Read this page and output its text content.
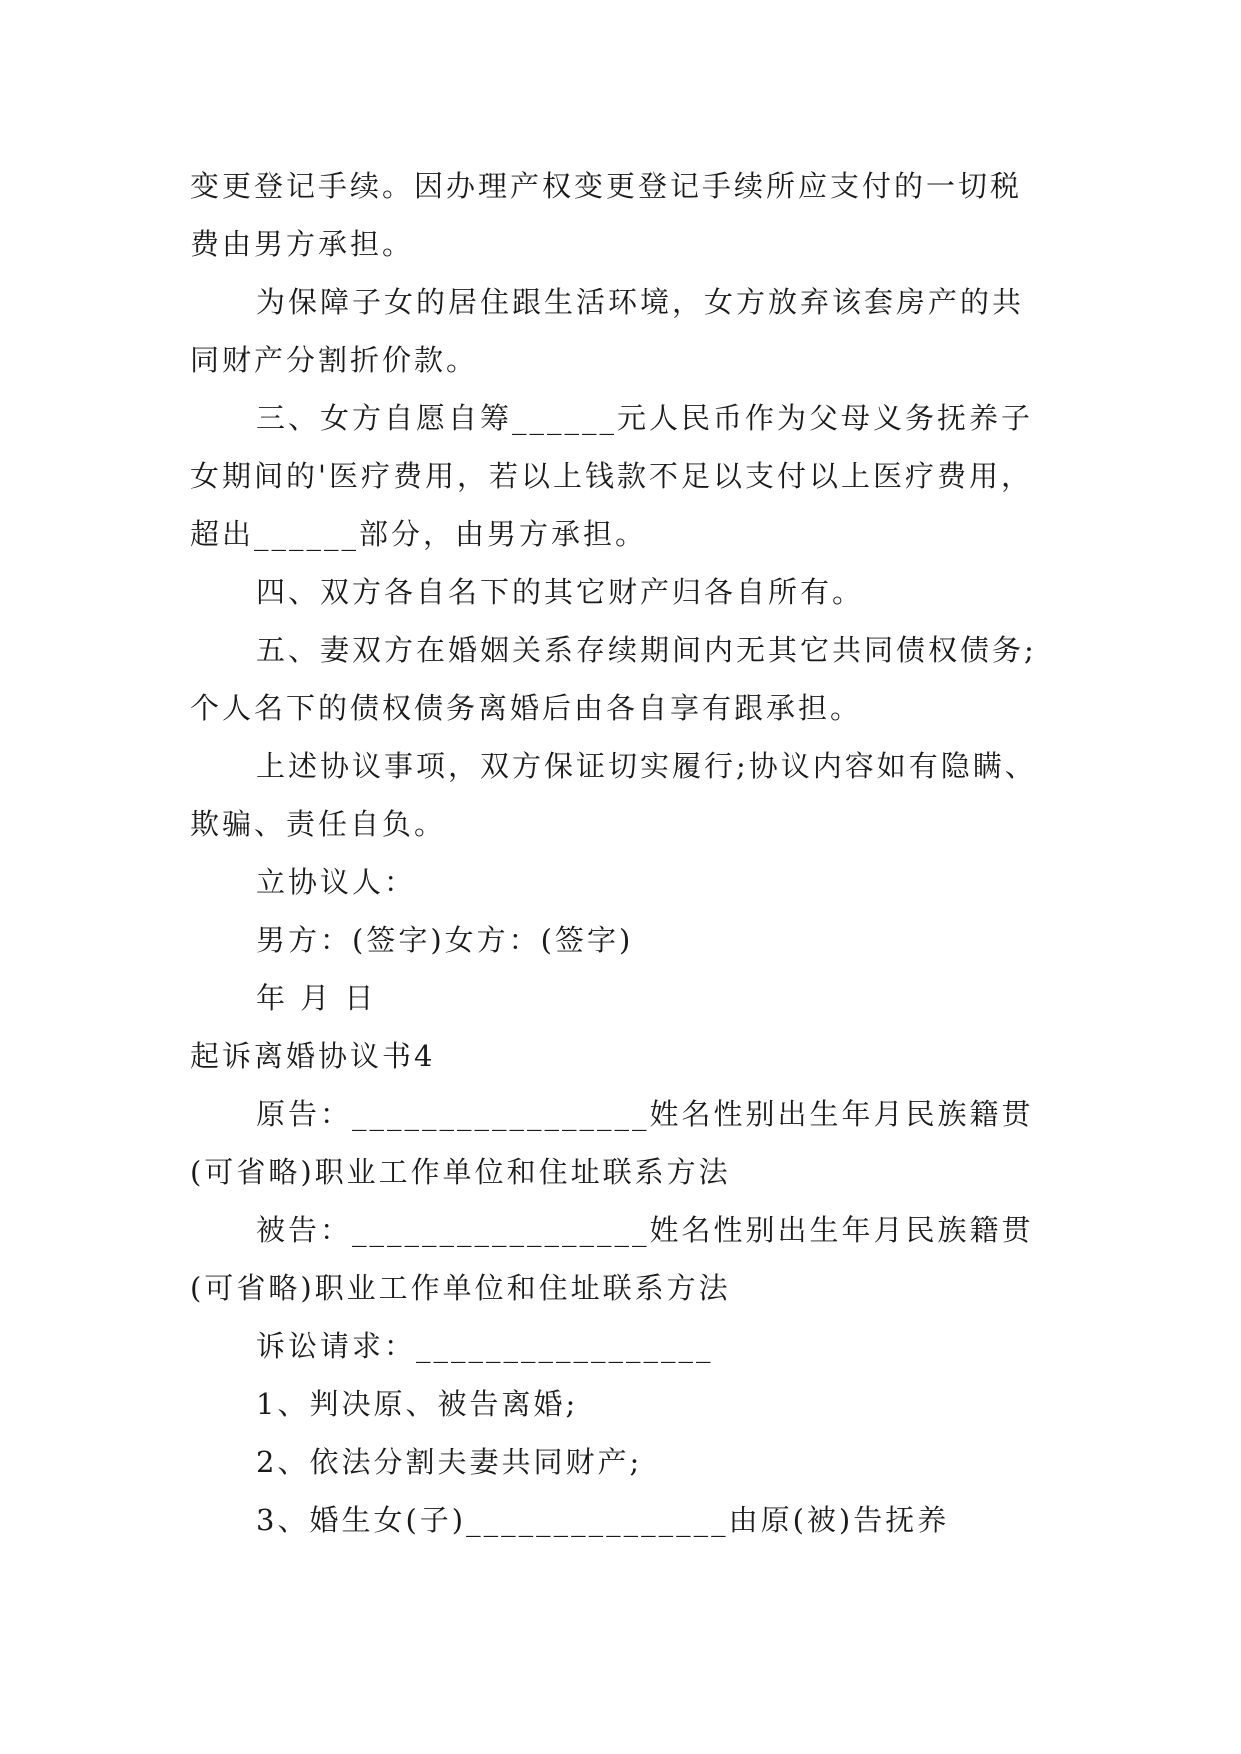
变更登记手续。因办理产权变更登记手续所应支付的一切税
费由男方承担。
为保障子女的居住跟生活环境，女方放弃该套房产的共
同财产分割折价款。
三、女方自愿自筹______元人民币作为父母义务抚养子
女期间的'医疗费用，若以上钱款不足以支付以上医疗费用，
超出______部分，由男方承担。
四、双方各自名下的其它财产归各自所有。
五、妻双方在婚姻关系存续期间内无其它共同债权债务;
个人名下的债权债务离婚后由各自享有跟承担。
上述协议事项，双方保证切实履行;协议内容如有隐瞒、
欺骗、责任自负。
立协议人：
男方：(签字)女方：(签字)
年 月 日
起诉离婚协议书4
原告：_________________姓名性别出生年月民族籍贯
(可省略)职业工作单位和住址联系方法
被告：_________________姓名性别出生年月民族籍贯
(可省略)职业工作单位和住址联系方法
诉讼请求：_________________
1、判决原、被告离婚;
2、依法分割夫妻共同财产;
3、婚生女(子)_______________由原(被)告抚养
